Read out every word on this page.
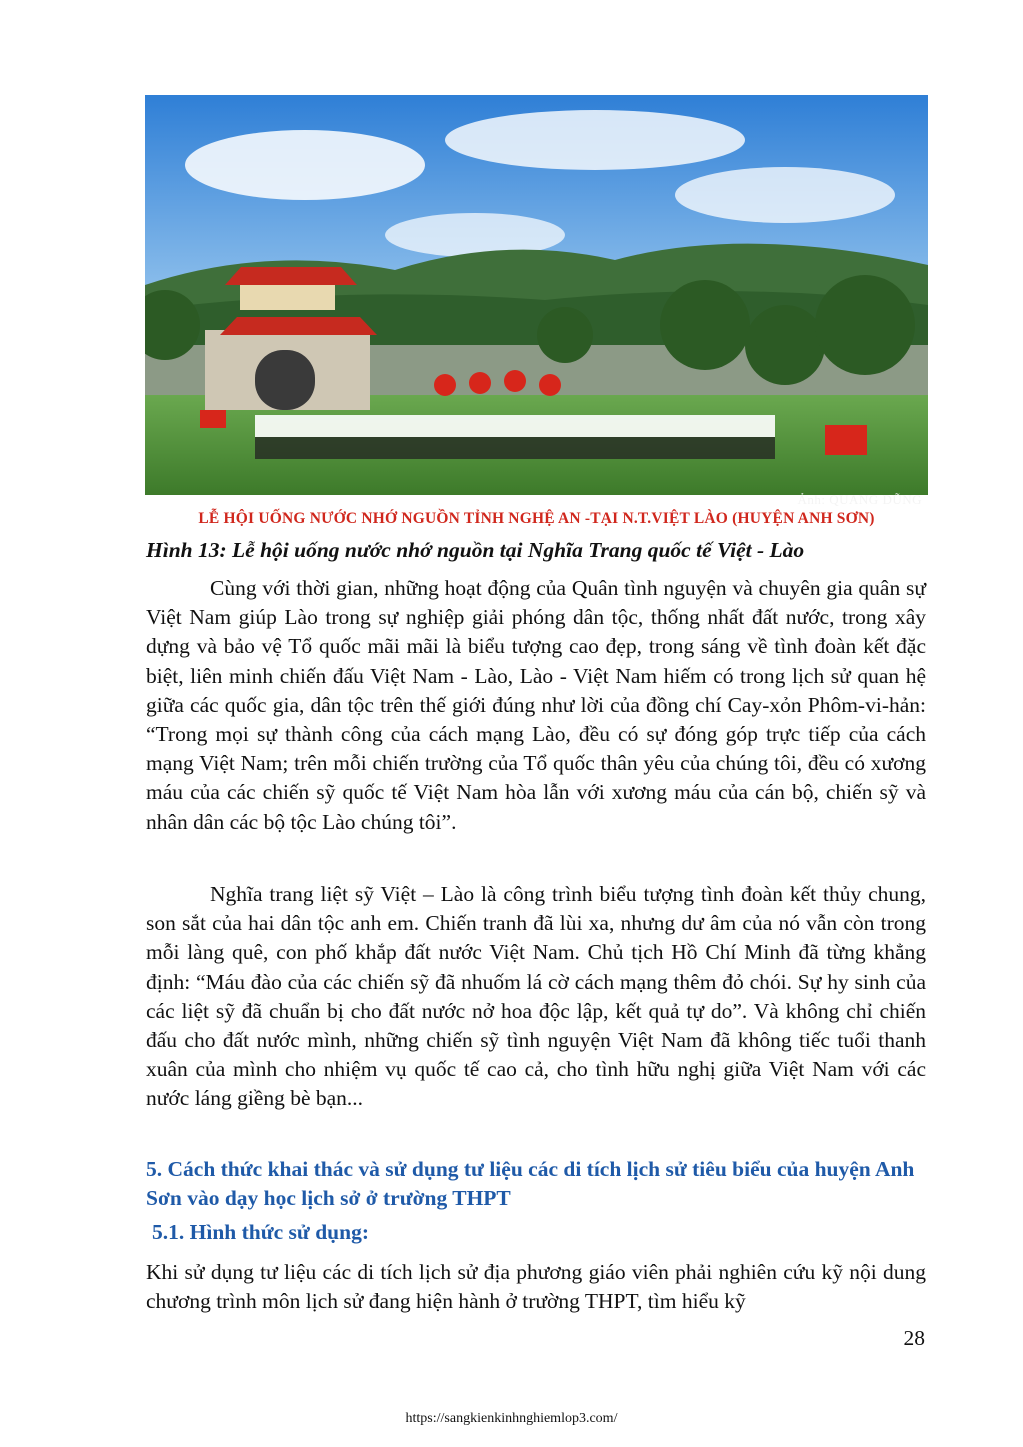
Ảnh: QUANG DŨNG
LỄ HỘI UỐNG NƯỚC NHỚ NGUỒN TỈNH NGHỆ AN -TẠI N.T.VIỆT LÀO (HUYỆN ANH SƠN)
Hình 13: Lễ hội uống nước nhớ nguồn tại Nghĩa Trang quốc tế Việt - Lào

Cùng với thời gian, những hoạt động của Quân tình nguyện và chuyên gia quân sự Việt Nam giúp Lào trong sự nghiệp giải phóng dân tộc, thống nhất đất nước, trong xây dựng và bảo vệ Tổ quốc mãi mãi là biểu tượng cao đẹp, trong sáng về tình đoàn kết đặc biệt, liên minh chiến đấu Việt Nam - Lào, Lào - Việt Nam hiếm có trong lịch sử quan hệ giữa các quốc gia, dân tộc trên thế giới đúng như lời của đồng chí Cay-xỏn Phôm-vi-hản: “Trong mọi sự thành công của cách mạng Lào, đều có sự đóng góp trực tiếp của cách mạng Việt Nam; trên mỗi chiến trường của Tổ quốc thân yêu của chúng tôi, đều có xương máu của các chiến sỹ quốc tế Việt Nam hòa lẫn với xương máu của cán bộ, chiến sỹ và nhân dân các bộ tộc Lào chúng tôi”.

Nghĩa trang liệt sỹ Việt – Lào là công trình biểu tượng tình đoàn kết thủy chung, son sắt của hai dân tộc anh em. Chiến tranh đã lùi xa, nhưng dư âm của nó vẫn còn trong mỗi làng quê, con phố khắp đất nước Việt Nam. Chủ tịch Hồ Chí Minh đã từng khẳng định: “Máu đào của các chiến sỹ đã nhuốm lá cờ cách mạng thêm đỏ chói. Sự hy sinh của các liệt sỹ đã chuẩn bị cho đất nước nở hoa độc lập, kết quả tự do”. Và không chỉ chiến đấu cho đất nước mình, những chiến sỹ tình nguyện Việt Nam đã không tiếc tuổi thanh xuân của mình cho nhiệm vụ quốc tế cao cả, cho tình hữu nghị giữa Việt Nam với các nước láng giềng bè bạn...

5. Cách thức khai thác và sử dụng tư liệu các di tích lịch sử tiêu biểu của huyện Anh Sơn vào dạy học lịch sở ở trường THPT
5.1. Hình thức sử dụng:

Khi sử dụng tư liệu các di tích lịch sử địa phương giáo viên phải nghiên cứu kỹ nội dung chương trình môn lịch sử đang hiện hành ở trường THPT, tìm hiểu kỹ

28
https://sangkienkinhnghiemlop3.com/
